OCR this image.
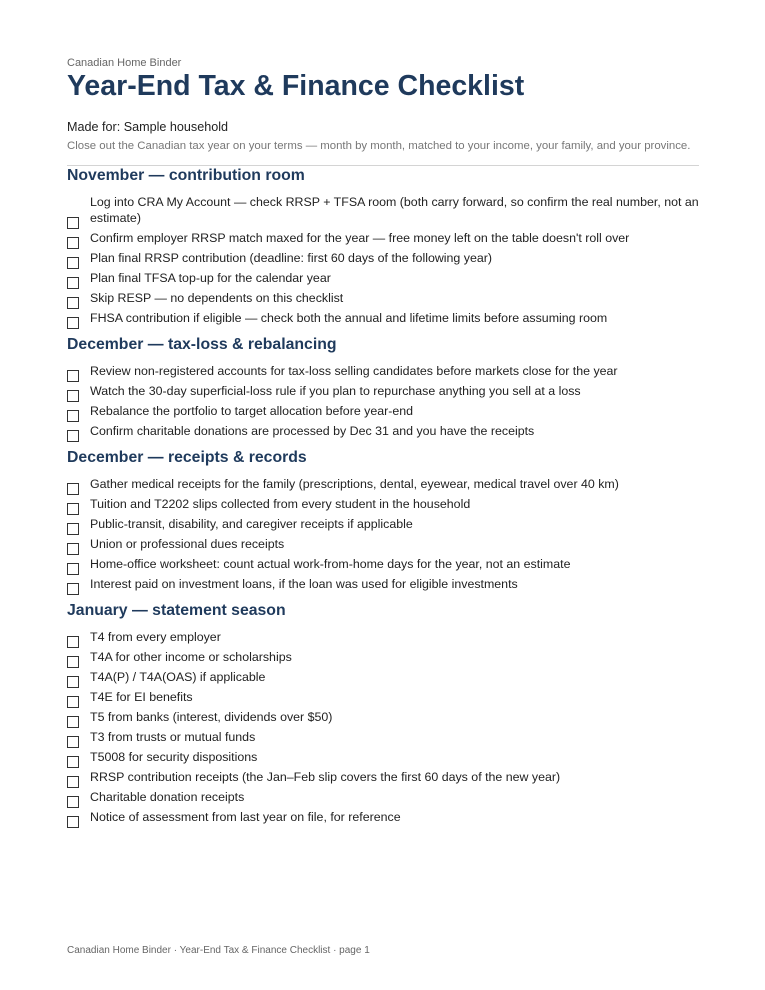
Canadian Home Binder
Year-End Tax & Finance Checklist
Made for: Sample household
Close out the Canadian tax year on your terms — month by month, matched to your income, your family, and your province.
November — contribution room
Log into CRA My Account — check RRSP + TFSA room (both carry forward, so confirm the real number, not an estimate)
Confirm employer RRSP match maxed for the year — free money left on the table doesn't roll over
Plan final RRSP contribution (deadline: first 60 days of the following year)
Plan final TFSA top-up for the calendar year
Skip RESP — no dependents on this checklist
FHSA contribution if eligible — check both the annual and lifetime limits before assuming room
December — tax-loss & rebalancing
Review non-registered accounts for tax-loss selling candidates before markets close for the year
Watch the 30-day superficial-loss rule if you plan to repurchase anything you sell at a loss
Rebalance the portfolio to target allocation before year-end
Confirm charitable donations are processed by Dec 31 and you have the receipts
December — receipts & records
Gather medical receipts for the family (prescriptions, dental, eyewear, medical travel over 40 km)
Tuition and T2202 slips collected from every student in the household
Public-transit, disability, and caregiver receipts if applicable
Union or professional dues receipts
Home-office worksheet: count actual work-from-home days for the year, not an estimate
Interest paid on investment loans, if the loan was used for eligible investments
January — statement season
T4 from every employer
T4A for other income or scholarships
T4A(P) / T4A(OAS) if applicable
T4E for EI benefits
T5 from banks (interest, dividends over $50)
T3 from trusts or mutual funds
T5008 for security dispositions
RRSP contribution receipts (the Jan–Feb slip covers the first 60 days of the new year)
Charitable donation receipts
Notice of assessment from last year on file, for reference
Canadian Home Binder · Year-End Tax & Finance Checklist · page 1
